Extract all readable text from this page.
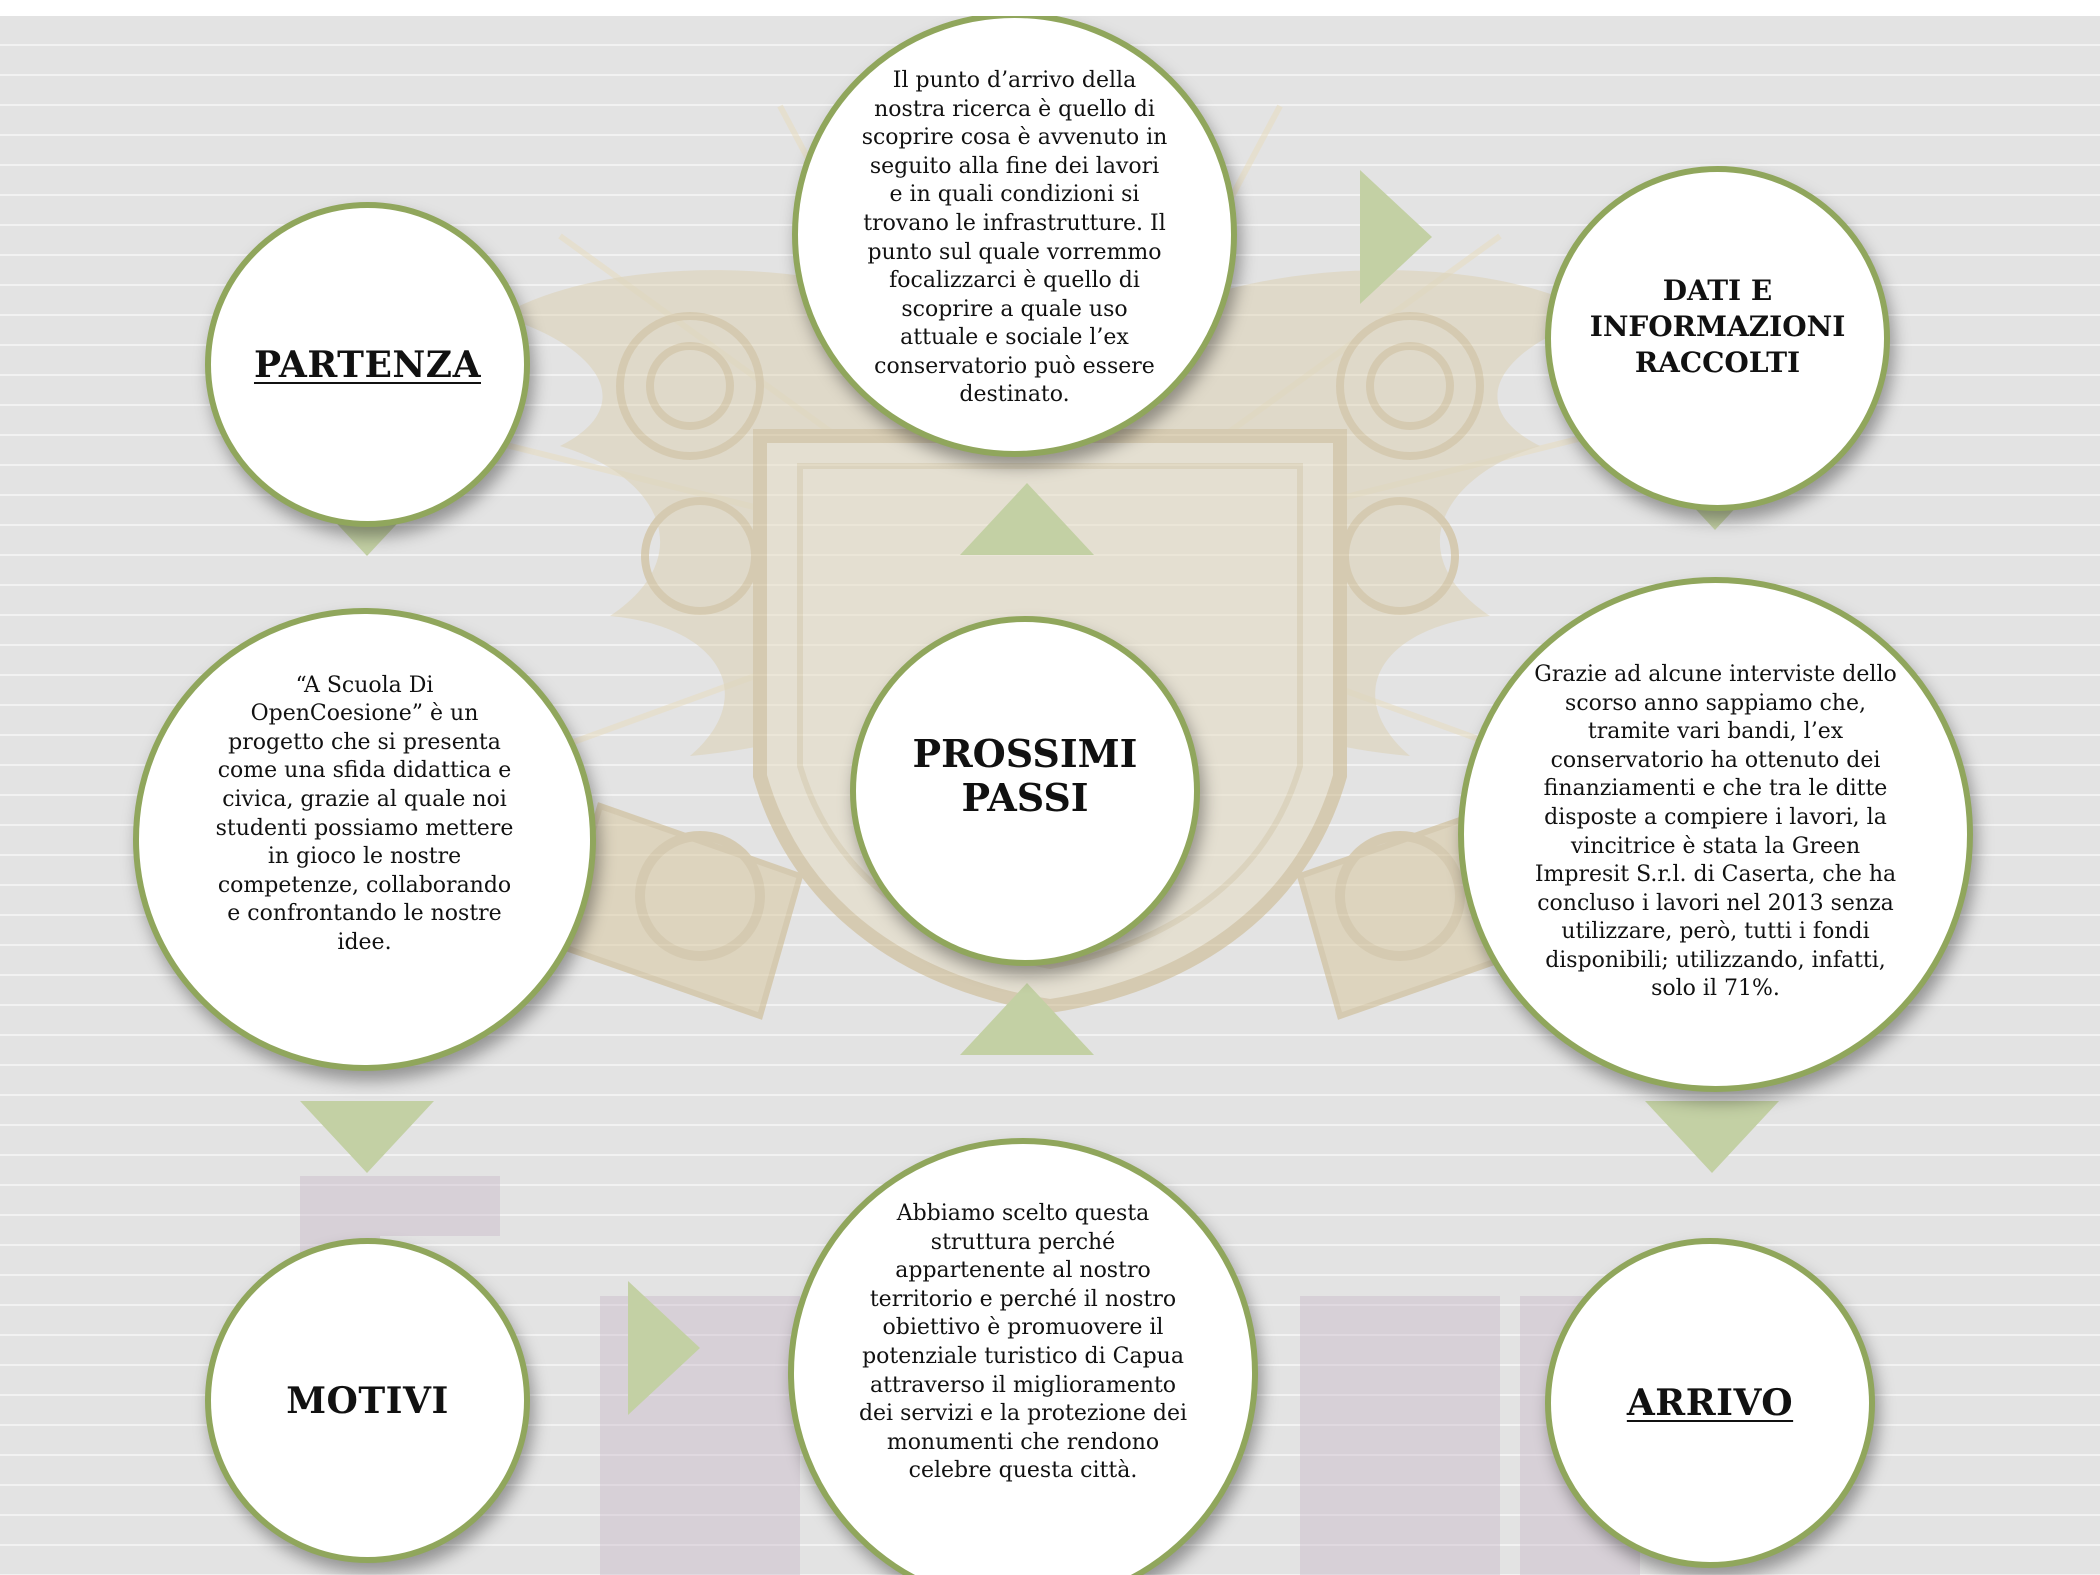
PARTENZA
Il punto d’arrivo della nostra ricerca è quello di scoprire cosa è avvenuto in seguito alla fine dei lavori e in quali condizioni si trovano le infrastrutture. Il punto sul quale vorremmo focalizzarci è quello di scoprire a quale uso attuale e sociale l’ex conservatorio può essere destinato.
DATI E INFORMAZIONI RACCOLTI
“A Scuola Di OpenCoesione” è un progetto che si presenta come una sfida didattica e civica, grazie al quale noi studenti possiamo mettere in gioco le nostre competenze, collaborando e confrontando le nostre idee.
PROSSIMI PASSI
Grazie ad alcune interviste dello scorso anno sappiamo che, tramite vari bandi, l’ex conservatorio ha ottenuto dei finanziamenti e che tra le ditte disposte a compiere i lavori, la vincitrice è stata la Green Impresit S.r.l. di Caserta, che ha concluso i lavori nel 2013 senza utilizzare, però, tutti i fondi disponibili; utilizzando, infatti, solo il 71%.
MOTIVI
Abbiamo scelto questa struttura perché appartenente al nostro territorio e perché il nostro obiettivo è promuovere il potenziale turistico di Capua attraverso il miglioramento dei servizi e la protezione dei monumenti che rendono celebre questa città.
ARRIVO
